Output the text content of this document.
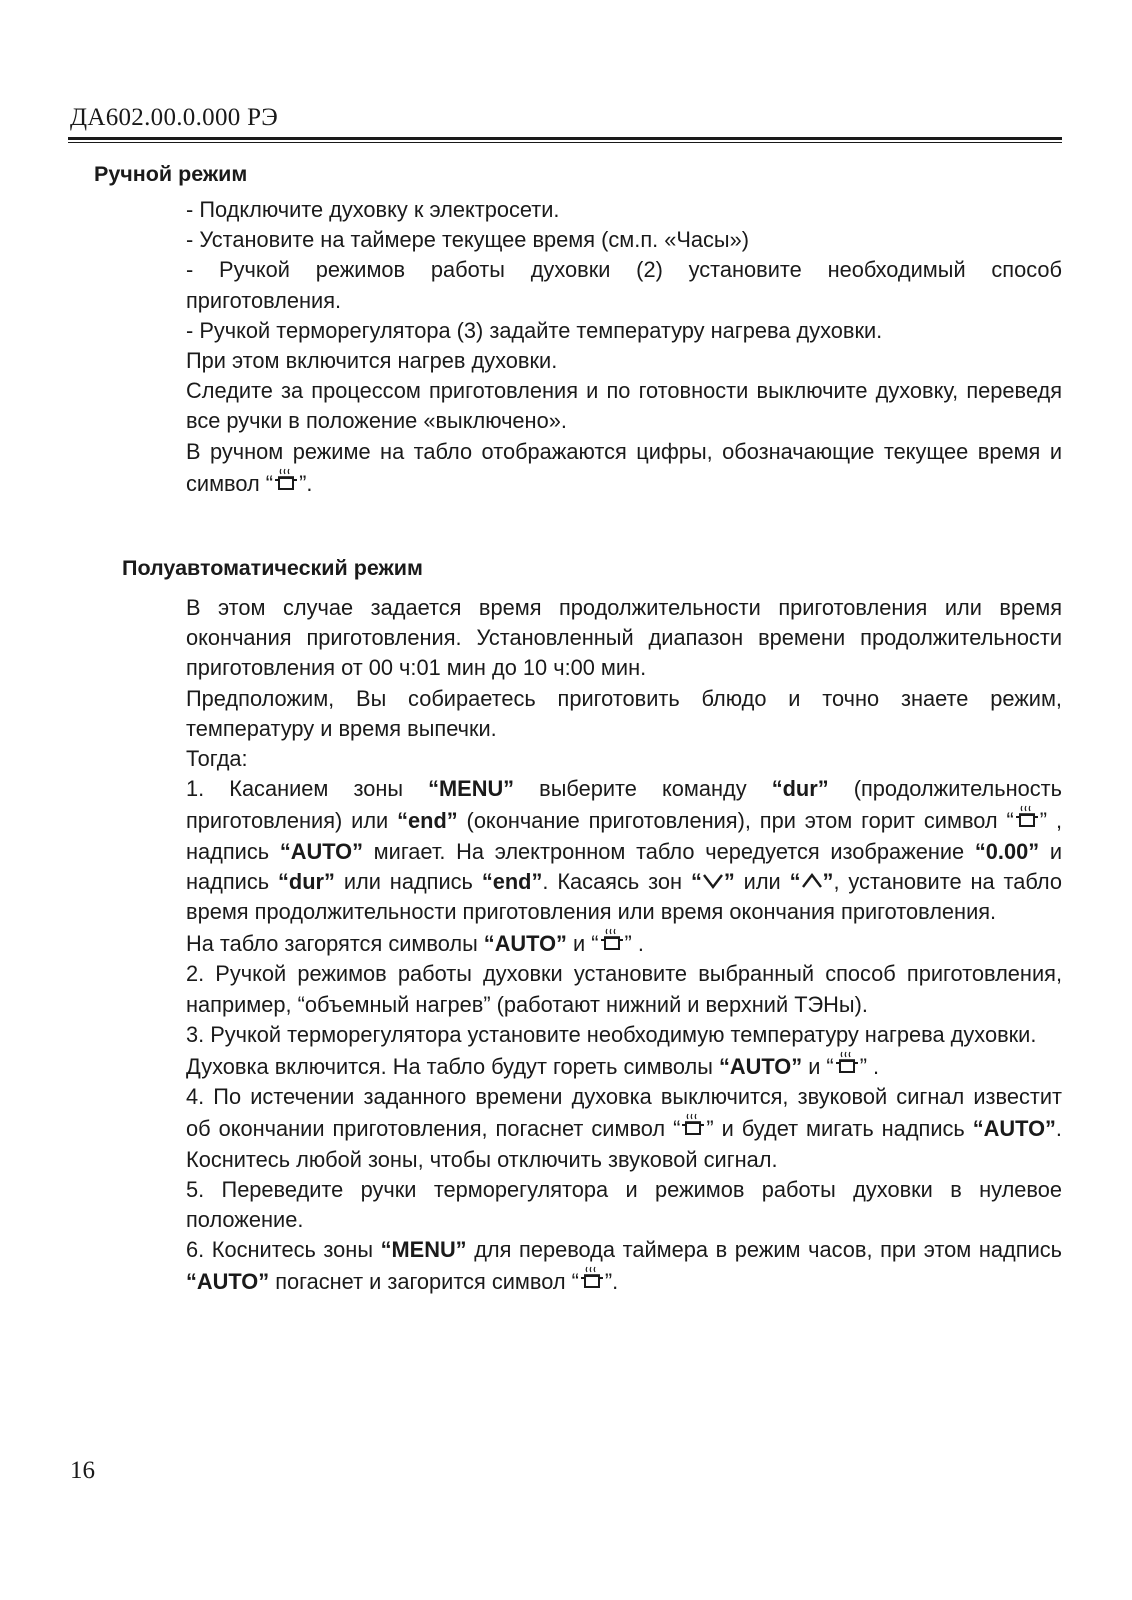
ДА602.00.0.000 РЭ
Ручной режим

- Подключите духовку к электросети.

- Установите на таймере текущее время (см.п. «Часы»)

- Ручкой режимов работы духовки (2) установите необходимый способ приготовления.

- Ручкой терморегулятора (3) задайте температуру нагрева духовки.

При этом включится нагрев духовки.

Следите за процессом приготовления и по готовности выключите духовку, переведя все ручки в положение «выключено».

В ручном режиме на табло отображаются цифры, обозначающие текущее время и символ “ ”.

Полуавтоматический режим

В этом случае задается время продолжительности приготовления или время окончания приготовления. Установленный диапазон времени продолжительности приготовления от 00 ч:01 мин до 10 ч:00 мин.

Предположим, Вы собираетесь приготовить блюдо и точно знаете режим, температуру и время выпечки.

Тогда:

1. Касанием зоны “MENU” выберите команду “dur” (продолжительность приготовления) или “end” (окончание приготовления), при этом горит символ “ ” , надпись “AUTO” мигает. На электронном табло чередуется изображение “0.00” и надпись “dur” или надпись “end”. Касаясь зон “ ” или “ ”, установите на табло время продолжительности приготовления или время окончания приготовления.

На табло загорятся символы “AUTO” и “ ” .

2. Ручкой режимов работы духовки установите выбранный способ приготовления, например, “объемный нагрев” (работают нижний и верхний ТЭНы).

3. Ручкой терморегулятора установите необходимую температуру нагрева духовки.

Духовка включится. На табло будут гореть символы “AUTO” и “ ” .

4. По истечении заданного времени духовка выключится, звуковой сигнал известит об окончании приготовления, погаснет символ “ ” и будет мигать надпись “AUTO”. Коснитесь любой зоны, чтобы отключить звуковой сигнал.

5. Переведите ручки терморегулятора и режимов работы духовки в нулевое положение.

6. Коснитесь зоны “MENU” для перевода таймера в режим часов, при этом надпись “AUTO” погаснет и загорится символ “ ”.

16
